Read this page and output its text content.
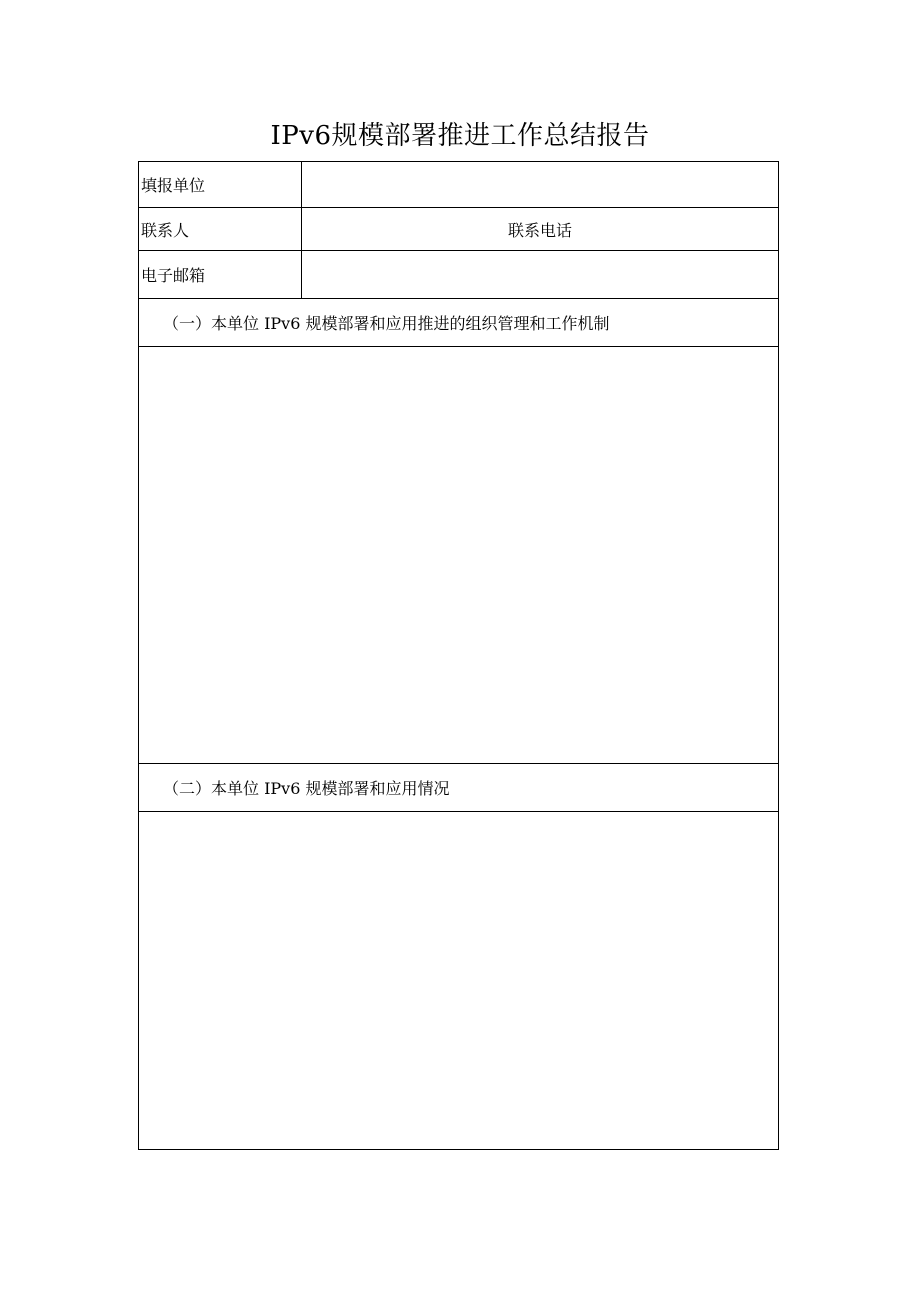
IPv6规模部署推进工作总结报告
填报单位	
联系人	联系电话
电子邮箱	
（一）本单位 IPv6 规模部署和应用推进的组织管理和工作机制	

（二）本单位 IPv6 规模部署和应用情况	
